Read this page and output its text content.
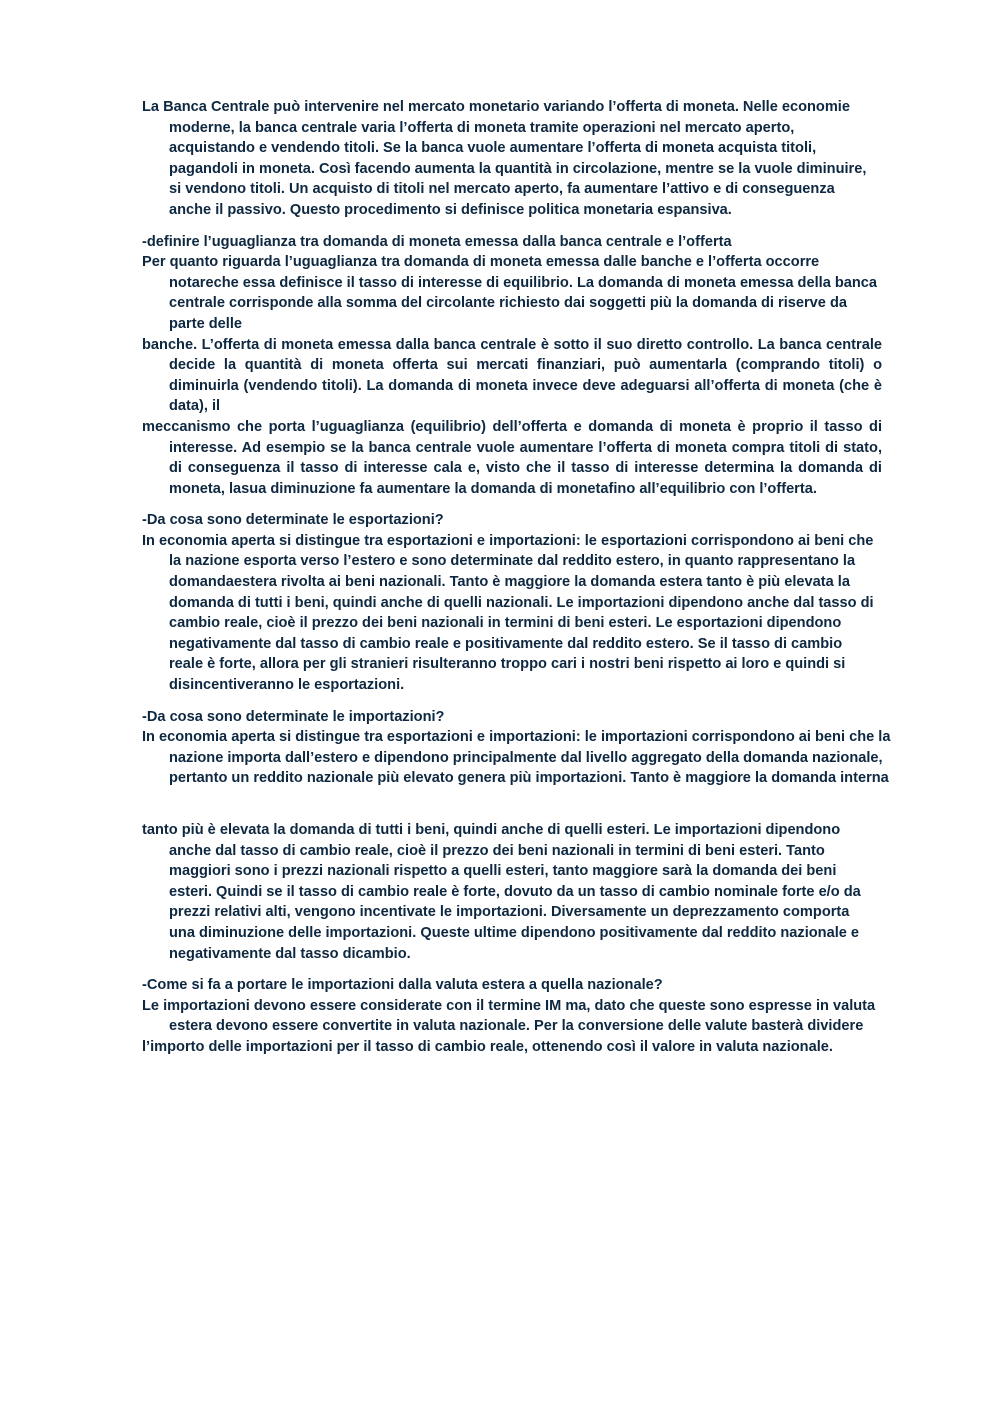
La Banca Centrale può intervenire nel mercato monetario variando l’offerta di moneta. Nelle economie moderne, la banca centrale varia l’offerta di moneta tramite operazioni nel mercato aperto, acquistando e vendendo titoli. Se la banca vuole aumentare l’offerta di moneta acquista titoli, pagandoli in moneta. Così facendo aumenta la quantità in circolazione, mentre se la vuole diminuire, si vendono titoli. Un acquisto di titoli nel mercato aperto, fa aumentare l’attivo e di conseguenza anche il passivo. Questo procedimento si definisce politica monetaria espansiva.

-definire l’uguaglianza tra domanda di moneta emessa dalla banca centrale e l’offerta

Per quanto riguarda l’uguaglianza tra domanda di moneta emessa dalle banche e l’offerta occorre notareche essa definisce il tasso di interesse di equilibrio. La domanda di moneta emessa della banca centrale corrisponde alla somma del circolante richiesto dai soggetti più la domanda di riserve da parte delle

banche. L’offerta di moneta emessa dalla banca centrale è sotto il suo diretto controllo. La banca centrale decide la quantità di moneta offerta sui mercati finanziari, può aumentarla (comprando titoli) o diminuirla (vendendo titoli). La domanda di moneta invece deve adeguarsi all’offerta di moneta (che è data), il

meccanismo che porta l’uguaglianza (equilibrio) dell’offerta e domanda di moneta è proprio il tasso di interesse. Ad esempio se la banca centrale vuole aumentare l’offerta di moneta compra titoli di stato, di conseguenza il tasso di interesse cala e, visto che il tasso di interesse determina la domanda di moneta, lasua diminuzione fa aumentare la domanda di monetafino all’equilibrio con l’offerta.

-Da cosa sono determinate le esportazioni?

In economia aperta si distingue tra esportazioni e importazioni: le esportazioni corrispondono ai beni che la nazione esporta verso l’estero e sono determinate dal reddito estero, in quanto rappresentano la domandaestera rivolta ai beni nazionali. Tanto è maggiore la domanda estera tanto è più elevata la domanda di tutti i beni, quindi anche di quelli nazionali. Le importazioni dipendono anche dal tasso di cambio reale, cioè il prezzo dei beni nazionali in termini di beni esteri. Le esportazioni dipendono negativamente dal tasso di cambio reale e positivamente dal reddito estero. Se il tasso di cambio reale è forte, allora per gli stranieri risulteranno troppo cari i nostri beni rispetto ai loro e quindi si disincentiveranno le esportazioni.

-Da cosa sono determinate le importazioni?

In economia aperta si distingue tra esportazioni e importazioni: le importazioni corrispondono ai beni che la nazione importa dall’estero e dipendono principalmente dal livello aggregato della domanda nazionale, pertanto un reddito nazionale più elevato genera più importazioni. Tanto è maggiore la domanda interna

tanto più è elevata la domanda di tutti i beni, quindi anche di quelli esteri. Le importazioni dipendono anche dal tasso di cambio reale, cioè il prezzo dei beni nazionali in termini di beni esteri. Tanto maggiori sono i prezzi nazionali rispetto a quelli esteri, tanto maggiore sarà la domanda dei beni esteri. Quindi se il tasso di cambio reale è forte, dovuto da un tasso di cambio nominale forte e/o da prezzi relativi alti, vengono incentivate le importazioni. Diversamente un deprezzamento comporta una diminuzione delle importazioni. Queste ultime dipendono positivamente dal reddito nazionale e negativamente dal tasso dicambio.

-Come si fa a portare le importazioni dalla valuta estera a quella nazionale?

Le importazioni devono essere considerate con il termine IM ma, dato che queste sono espresse in valuta estera devono essere convertite in valuta nazionale. Per la conversione delle valute basterà dividere

l’importo delle importazioni per il tasso di cambio reale, ottenendo così il valore in valuta nazionale.
